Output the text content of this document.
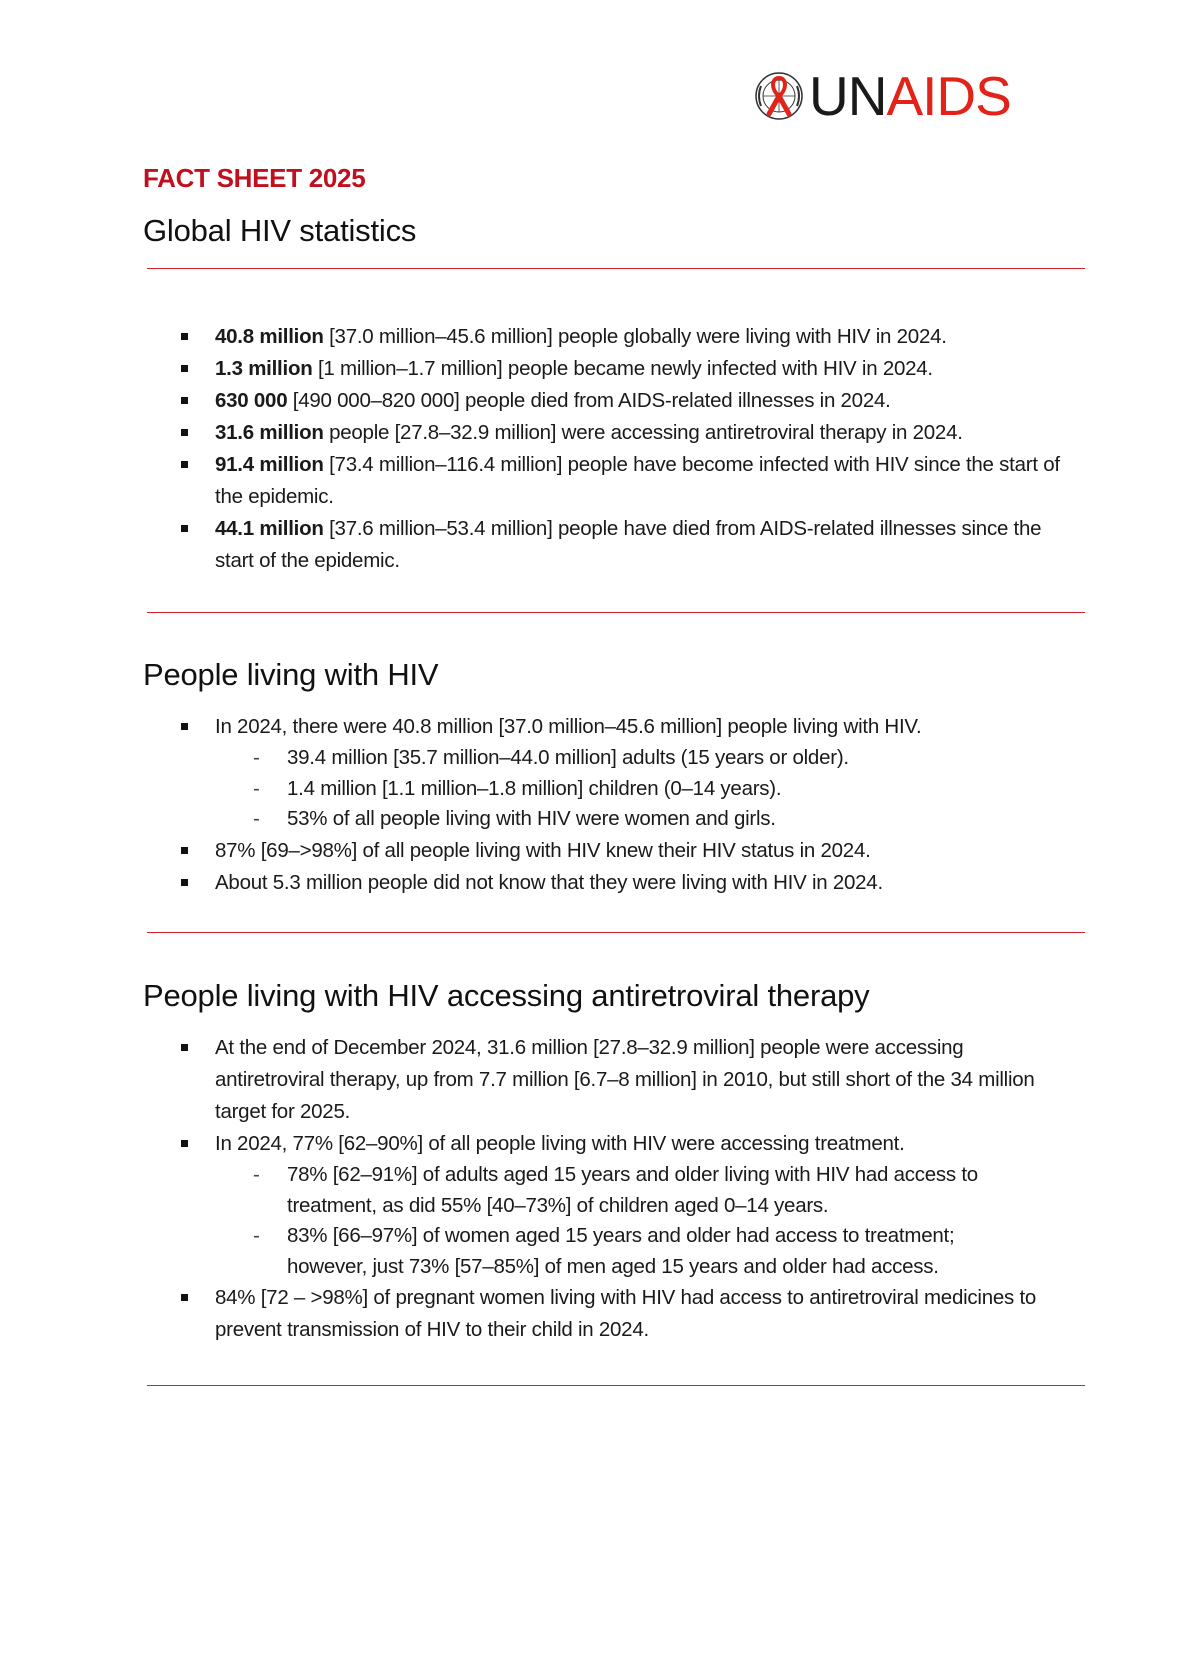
UNAIDS

FACT SHEET 2025

Global HIV statistics
40.8 million [37.0 million–45.6 million] people globally were living with HIV in 2024.
1.3 million [1 million–1.7 million] people became newly infected with HIV in 2024.
630 000 [490 000–820 000] people died from AIDS-related illnesses in 2024.
31.6 million people [27.8–32.9 million] were accessing antiretroviral therapy in 2024.
91.4 million [73.4 million–116.4 million] people have become infected with HIV since the start of the epidemic.
44.1 million [37.6 million–53.4 million] people have died from AIDS-related illnesses since the start of the epidemic.
People living with HIV
In 2024, there were 40.8 million [37.0 million–45.6 million] people living with HIV.
- 39.4 million [35.7 million–44.0 million] adults (15 years or older).
- 1.4 million [1.1 million–1.8 million] children (0–14 years).
- 53% of all people living with HIV were women and girls.
87% [69–>98%] of all people living with HIV knew their HIV status in 2024.
About 5.3 million people did not know that they were living with HIV in 2024.
People living with HIV accessing antiretroviral therapy
At the end of December 2024, 31.6 million [27.8–32.9 million] people were accessing antiretroviral therapy, up from 7.7 million [6.7–8 million] in 2010, but still short of the 34 million target for 2025.
In 2024, 77% [62–90%] of all people living with HIV were accessing treatment.
- 78% [62–91%] of adults aged 15 years and older living with HIV had access to treatment, as did 55% [40–73%] of children aged 0–14 years.
- 83% [66–97%] of women aged 15 years and older had access to treatment; however, just 73% [57–85%] of men aged 15 years and older had access.
84% [72 – >98%] of pregnant women living with HIV had access to antiretroviral medicines to prevent transmission of HIV to their child in 2024.
